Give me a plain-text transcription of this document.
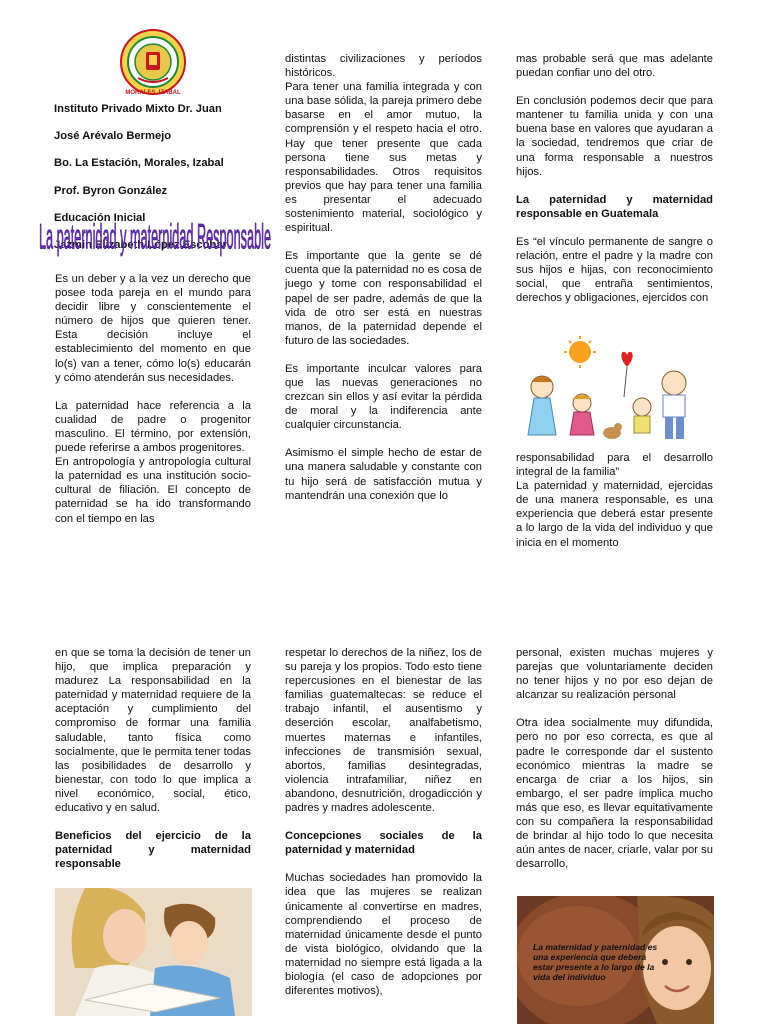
MORALES, IZABAL

Instituto Privado Mixto Dr. Juan

José Arévalo Bermejo

Bo. La Estación, Morales, Izabal

Prof. Byron González

Educación Inicial

Jazmin Elizabeth López Escobar

La paternidad y maternidad Responsable

Es un deber y a la vez un derecho que posee toda pareja en el mundo para decidir libre y conscientemente el número de hijos que quieren tener. Esta decisión incluye el establecimiento del momento en que lo(s) van a tener, cómo lo(s) educarán y cómo atenderán sus necesidades.

La paternidad hace referencia a la cualidad de padre o progenitor masculino. El término, por extensión, puede referirse a ambos progenitores.

En antropología y antropología cultural la paternidad es una institución socio-cultural de filiación. El concepto de paternidad se ha ido transformando con el tiempo en las

distintas civilizaciones y períodos históricos.

Para tener una familia integrada y con una base sólida, la pareja primero debe basarse en el amor mutuo, la comprensión y el respeto hacia el otro. Hay que tener presente que cada persona tiene sus metas y responsabilidades. Otros requisitos previos que hay para tener una familia es presentar el adecuado sostenimiento material, sociológico y espiritual.

Es importante que la gente se dé cuenta que la paternidad no es cosa de juego y tome con responsabilidad el papel de ser padre, además de que la vida de otro ser está en nuestras manos, de la paternidad depende el futuro de las sociedades.

Es importante inculcar valores para que las nuevas generaciones no crezcan sin ellos y así evitar la pérdida de moral y la indiferencia ante cualquier circunstancia.

Asimismo el simple hecho de estar de una manera saludable y constante con tu hijo será de satisfacción mutua y mantendrán una conexión que lo

mas probable será que mas adelante puedan confiar uno del otro.

En conclusión podemos decir que para mantener tu familia unida y con una buena base en valores que ayudaran a la sociedad, tendremos que criar de una forma responsable a nuestros hijos.

La paternidad y maternidad responsable en Guatemala

Es “el vínculo permanente de sangre o relación, entre el padre y la madre con sus hijos e hijas, con reconocimiento social, que entraña sentimientos, derechos y obligaciones, ejercidos con

responsabilidad para el desarrollo integral de la familia”

La paternidad y maternidad, ejercidas de una manera responsable, es una experiencia que deberá estar presente a lo largo de la vida del individuo y que inicia en el momento

en que se toma la decisión de tener un hijo, que implica preparación y madurez La responsabilidad en la paternidad y maternidad requiere de la aceptación y cumplimiento del compromiso de formar una familia saludable, tanto física como socialmente, que le permita tener todas las posibilidades de desarrollo y bienestar, con todo lo que implica a nivel económico, social, ético, educativo y en salud.

Beneficios del ejercicio de la paternidad y maternidad responsable

respetar lo derechos de la niñez, los de su pareja y los propios. Todo esto tiene repercusiones en el bienestar de las familias guatemaltecas: se reduce el trabajo infantil, el ausentismo y deserción escolar, analfabetismo, muertes maternas e infantiles, infecciones de transmisión sexual, abortos, familias desintegradas, violencia intrafamiliar, niñez en abandono, desnutrición, drogadicción y padres y madres adolescente.

Concepciones sociales de la paternidad y maternidad

Muchas sociedades han promovido la idea que las mujeres se realizan únicamente al convertirse en madres, comprendiendo el proceso de maternidad únicamente desde el punto de vista biológico, olvidando que la maternidad no siempre está ligada a la biología (el caso de adopciones por diferentes motivos),

personal, existen muchas mujeres y parejas que voluntariamente deciden no tener hijos y no por eso dejan de alcanzar su realización personal

Otra idea socialmente muy difundida, pero no por eso correcta, es que al padre le corresponde dar el sustento económico mientras la madre se encarga de criar a los hijos, sin embargo, el ser padre implica mucho más que eso, es llevar equitativamente con su compañera la responsabilidad de brindar al hijo todo lo que necesita aún antes de nacer, criarle, valar por su desarrollo,

La maternidad y paternidad es una experiencia que deberá estar presente a lo largo de la vida del individuo
